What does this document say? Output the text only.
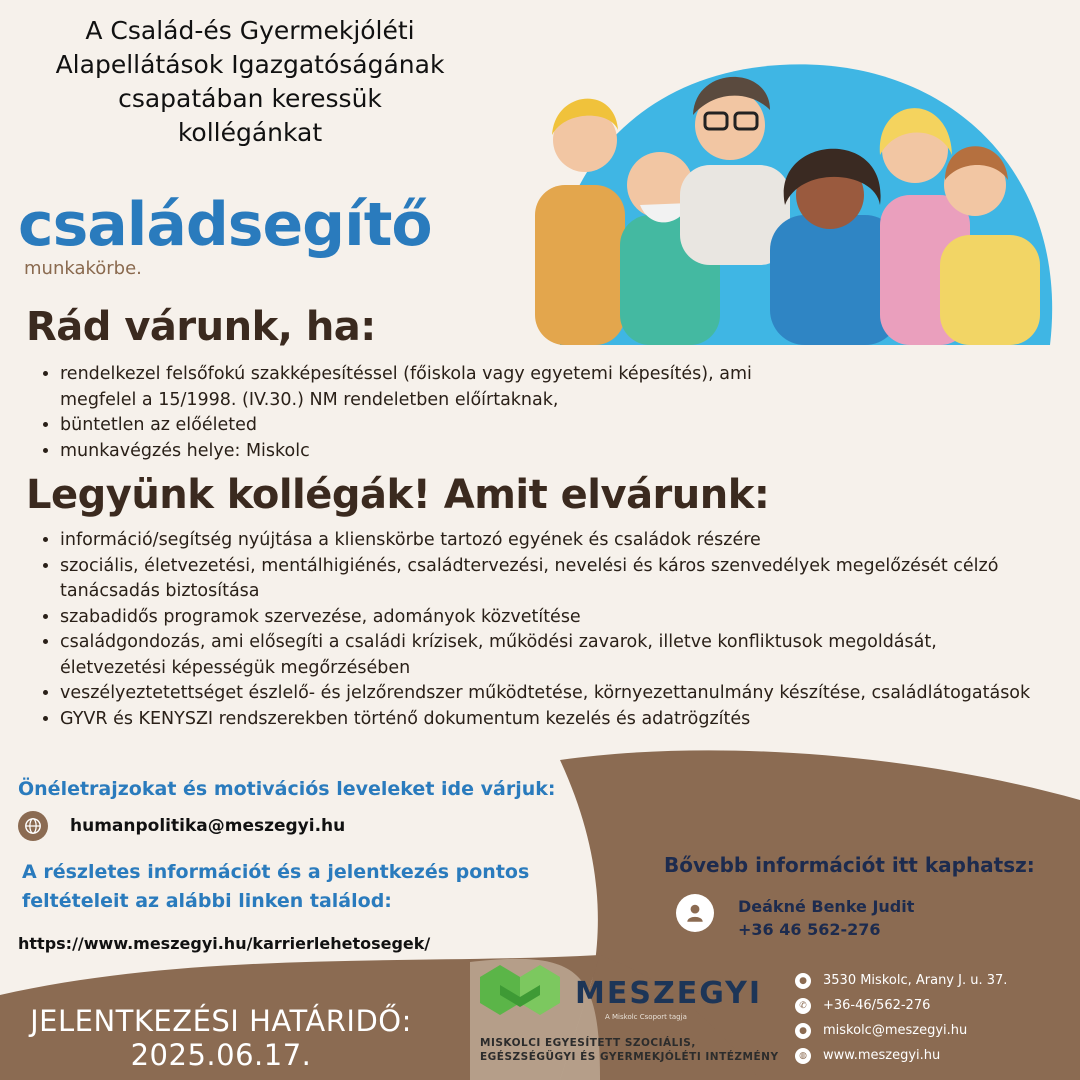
A Család-és Gyermekjóléti
Alapellátások Igazgatóságának
csapatában keressük
kollégánkat
családsegítő
munkakörbe.
Rád várunk, ha:
• rendelkezel felsőfokú szakképesítéssel (főiskola vagy egyetemi képesítés), ami megfelel a 15/1998. (IV.30.) NM rendeletben előírtaknak,
• büntetlen az előéleted
• munkavégzés helye: Miskolc
Legyünk kollégák! Amit elvárunk:
• információ/segítség nyújtása a klienskörbe tartozó egyének és családok részére
• szociális, életvezetési, mentálhigiénés, családtervezési, nevelési és káros szenvedélyek megelőzését célzó tanácsadás biztosítása
• szabadidős programok szervezése, adományok közvetítése
• családgondozás, ami elősegíti a családi krízisek, működési zavarok, illetve konfliktusok megoldását, életvezetési képességük megőrzésében
• veszélyeztetettséget észlelő- és jelzőrendszer működtetése, környezettanulmány készítése, családlátogatások
• GYVR és KENYSZI rendszerekben történő dokumentum kezelés és adatrögzítés
Önéletrajzokat és motivációs leveleket ide várjuk:
humanpolitika@meszegyi.hu
A részletes információt és a jelentkezés pontos feltételeit az alábbi linken találod:
https://www.meszegyi.hu/karrierlehetosegek/
Bővebb információt itt kaphatsz:
Deákné Benke Judit
+36 46 562-276
JELENTKEZÉSI HATÁRIDŐ:
2025.06.17.
MESZEGYI
A Miskolc Csoport tagja
MISKOLCI EGYESÍTETT SZOCIÁLIS,
EGÉSZSÉGÜGYI ÉS GYERMEKJÓLÉTI INTÉZMÉNY
●	3530 Miskolc, Arany J. u. 37.
✆	+36-46/562-276
●	miskolc@meszegyi.hu
◍	www.meszegyi.hu
